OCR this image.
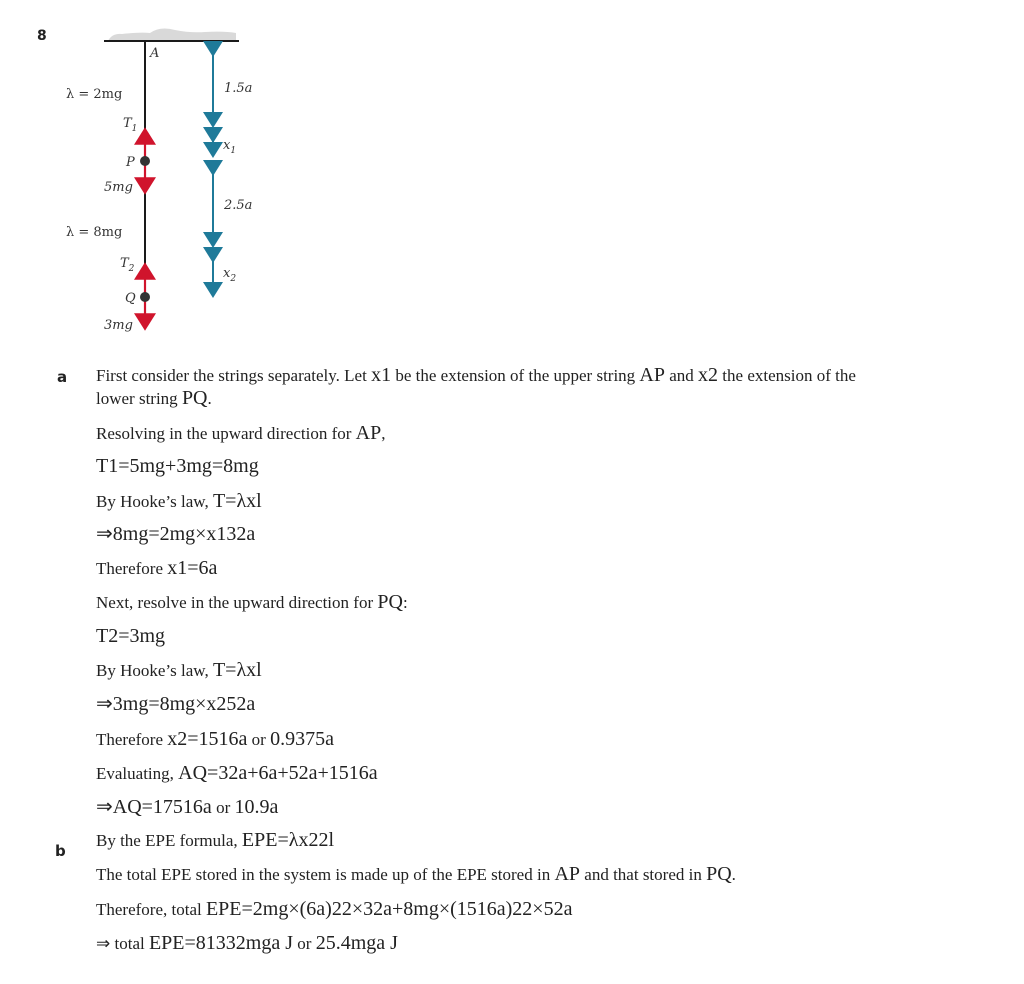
8
A
λ = 2mg
$T_1$
P
5mg
λ = 8mg
$T_2$
Q
3mg
1.5a
$x_1$
2.5a
$x_2$
a First consider the strings separately. Let x1 be the extension of the upper string AP and x2 the extension of the
lower string PQ.
Resolving in the upward direction for AP,
T1=5mg+3mg=8mg
By Hooke’s law, T=λxl
⇒8mg=2mg×x132a
Therefore x1=6a
Next, resolve in the upward direction for PQ:
T2=3mg
By Hooke’s law, T=λxl
⇒3mg=8mg×x252a
Therefore x2=1516a or 0.9375a
Evaluating, AQ=32a+6a+52a+1516a
⇒AQ=17516a or 10.9a
b
By the EPE formula, EPE=λx22l
The total EPE stored in the system is made up of the EPE stored in AP and that stored in PQ.
Therefore, total EPE=2mg×(6a)22×32a+8mg×(1516a)22×52a
⇒ total EPE=81332mga J or 25.4mga J
